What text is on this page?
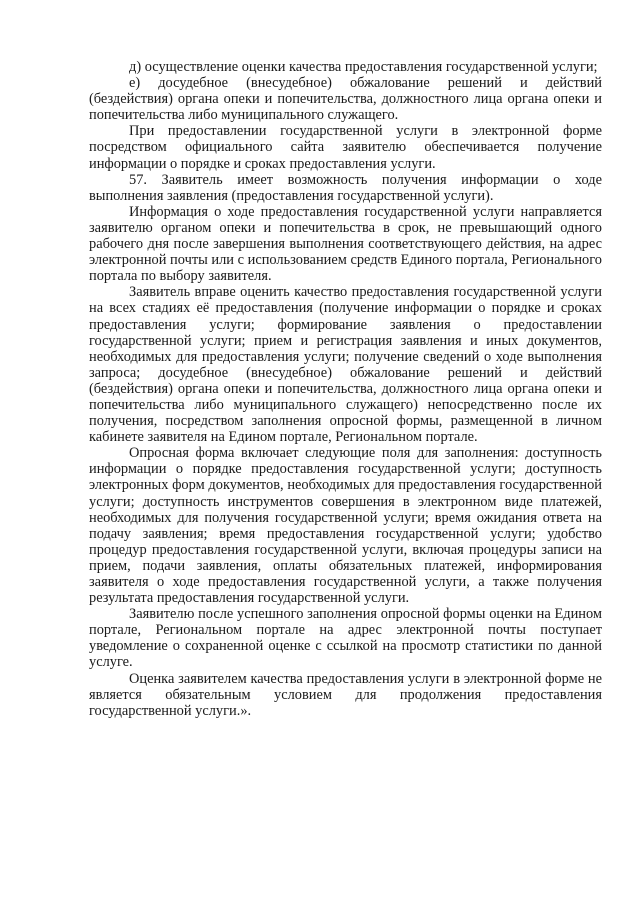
д) осуществление оценки качества предоставления государственной услуги;

е) досудебное (внесудебное) обжалование решений и действий (бездействия) органа опеки и попечительства, должностного лица органа опеки и попечительства либо муниципального служащего.

При предоставлении государственной услуги в электронной форме посредством официального сайта заявителю обеспечивается получение информации о порядке и сроках предоставления услуги.

57. Заявитель имеет возможность получения информации о ходе выполнения заявления (предоставления государственной услуги).

Информация о ходе предоставления государственной услуги направляется заявителю органом опеки и попечительства в срок, не превышающий одного рабочего дня после завершения выполнения соответствующего действия, на адрес электронной почты или с использованием средств Единого портала, Регионального портала по выбору заявителя.

Заявитель вправе оценить качество предоставления государственной услуги на всех стадиях её предоставления (получение информации о порядке и сроках предоставления услуги; формирование заявления о предоставлении государственной услуги; прием и регистрация заявления и иных документов, необходимых для предоставления услуги; получение сведений о ходе выполнения запроса; досудебное (внесудебное) обжалование решений и действий (бездействия) органа опеки и попечительства, должностного лица органа опеки и попечительства либо муниципального служащего) непосредственно после их получения, посредством заполнения опросной формы, размещенной в личном кабинете заявителя на Едином портале, Региональном портале.

Опросная форма включает следующие поля для заполнения: доступность информации о порядке предоставления государственной услуги; доступность электронных форм документов, необходимых для предоставления государственной услуги; доступность инструментов совершения в электронном виде платежей, необходимых для получения государственной услуги; время ожидания ответа на подачу заявления; время предоставления государственной услуги; удобство процедур предоставления государственной услуги, включая процедуры записи на прием, подачи заявления, оплаты обязательных платежей, информирования заявителя о ходе предоставления государственной услуги, а также получения результата предоставления государственной услуги.

Заявителю после успешного заполнения опросной формы оценки на Едином портале, Региональном портале на адрес электронной почты поступает уведомление о сохраненной оценке с ссылкой на просмотр статистики по данной услуге.

Оценка заявителем качества предоставления услуги в электронной форме не является обязательным условием для продолжения предоставления государственной услуги.».
